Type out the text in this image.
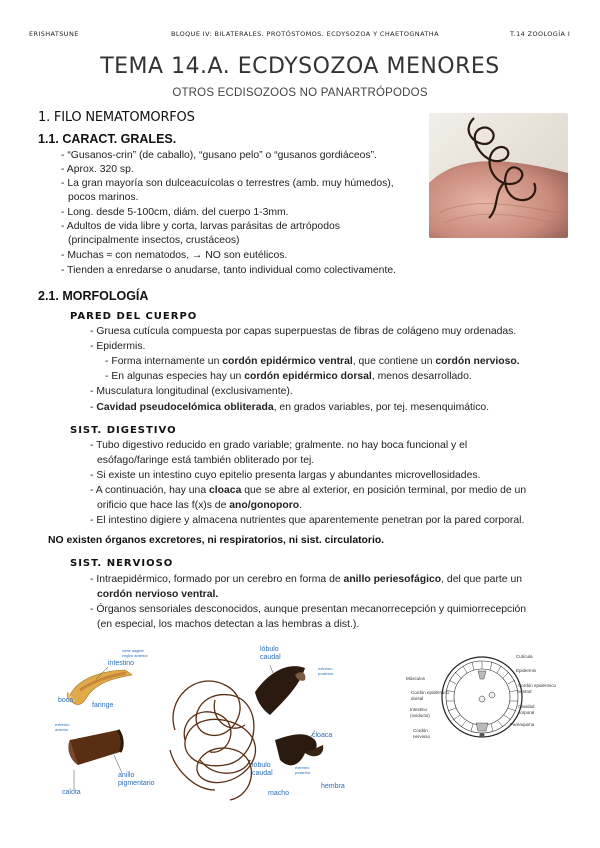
ERISHATSUNE	BLOQUE IV: BILATERALES. PROTÓSTOMOS. ECDYSOZOA Y CHAETOGNATHA	T.14 ZOOLOGÍA I
TEMA 14.A. ECDYSOZOA MENORES
OTROS ECDISOZOOS NO PANARTRÓPODOS
1. FILO NEMATOMORFOS
1.1. CARACT. GRALES.
- “Gusanos-crin” (de caballo), “gusano pelo” o “gusanos gordiáceos”.
- Aprox. 320 sp.
- La gran mayoría son dulceacuícolas o terrestres (amb. muy húmedos),
pocos marinos.
- Long. desde 5-100cm, diám. del cuerpo 1-3mm.
- Adultos de vida libre y corta, larvas parásitas de artrópodos
(principalmente insectos, crustáceos)
- Muchas ≈ con nematodos, → NO son eutélicos.
- Tienden a enredarse o anudarse, tanto individual como colectivamente.
2.1. MORFOLOGÍA
PARED DEL CUERPO
- Gruesa cutícula compuesta por capas superpuestas de fibras de colágeno muy ordenadas.
- Epidermis.
- Forma internamente un cordón epidérmico ventral, que contiene un cordón nervioso.
- En algunas especies hay un cordón epidérmico dorsal, menos desarrollado.
- Musculatura longitudinal (exclusivamente).
- Cavidad pseudocelómica obliterada, en grados variables, por tej. mesenquimático.
SIST. DIGESTIVO
- Tubo digestivo reducido en grado variable; gralmente. no hay boca funcional y el
esófago/faringe está también obliterado por tej.
- Si existe un intestino cuyo epitelio presenta largas y abundantes microvellosidades.
- A continuación, hay una cloaca que se abre al exterior, en posición terminal, por medio de un
orificio que hace las f(x)s de ano/gonoporo.
- El intestino digiere y almacena nutrientes que aparentemente penetran por la pared corporal.
NO existen órganos excretores, ni respiratorios, ni sist. circulatorio.
SIST. NERVIOSO
- Intraepidérmico, formado por un cerebro en forma de anillo periesofágico, del que parte un
cordón nervioso ventral.
- Órganos sensoriales desconocidos, aunque presentan mecanorrecepción y quimiorrecepción
(en especial, los machos detectan a las hembras a dist.).
corte sagital
región anterior
intestino
boca
faringe
extremo
anterior
calota
anillo
pigmentario
lóbulo
caudal
extremo
posterior
cloaca
lóbulo
caudal
extremo
posterior
macho
hembra
Cutícula
Epidermis
Músculos
Cordón epidérmico
dorsal
Cordón epidérmico
ventral
Intestino
(oviducto)
Cavidad
corporal
Parénquima
Cordón
nervioso
